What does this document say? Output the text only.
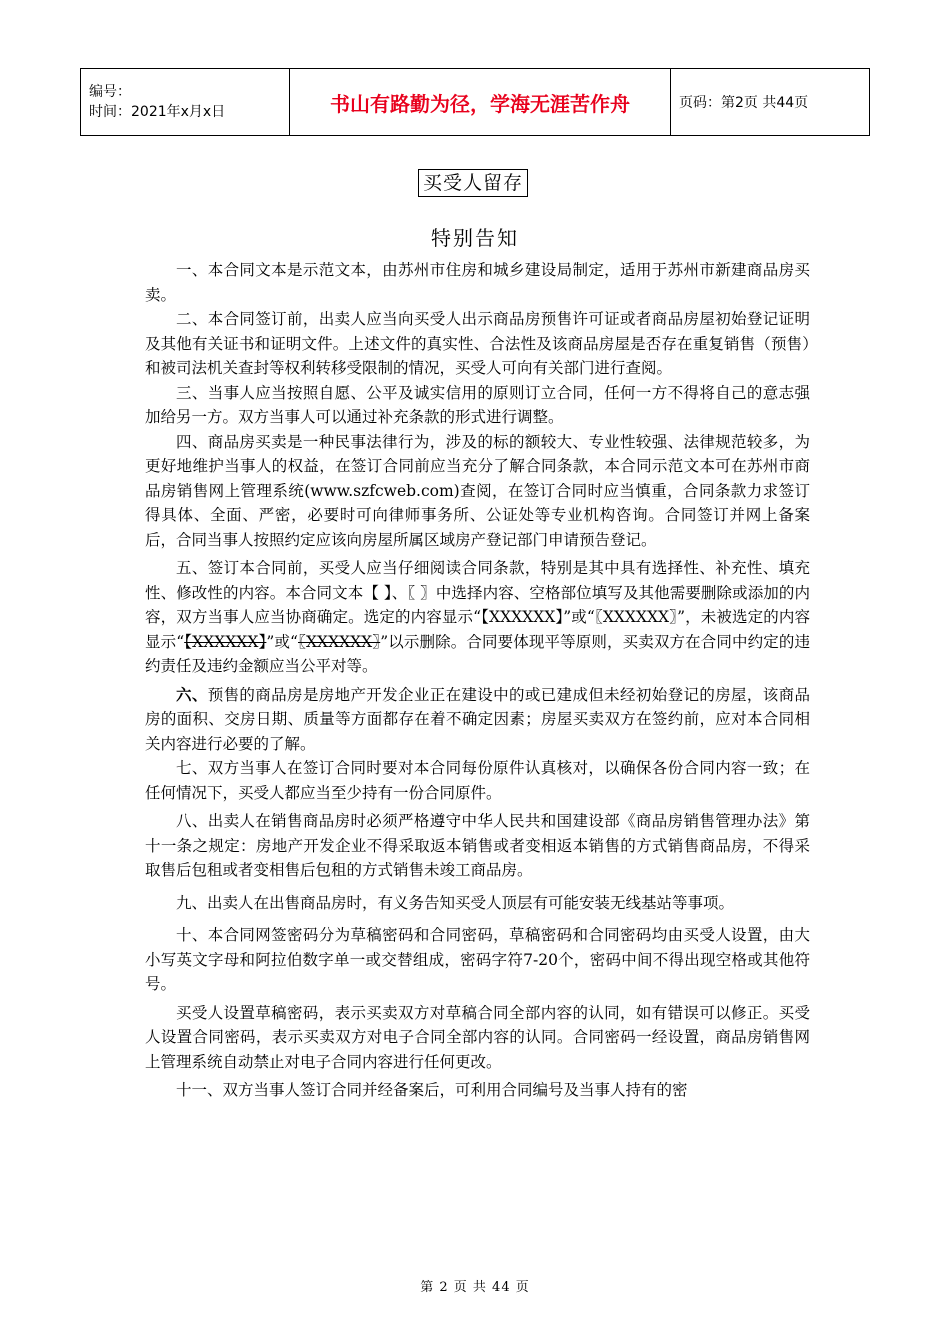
编号：
时间：2021年x月x日	书山有路勤为径，学海无涯苦作舟	页码：第2页 共44页
买受人留存
特别告知

一、本合同文本是示范文本，由苏州市住房和城乡建设局制定，适用于苏州市新建商品房买卖。

二、本合同签订前，出卖人应当向买受人出示商品房预售许可证或者商品房屋初始登记证明及其他有关证书和证明文件。上述文件的真实性、合法性及该商品房屋是否存在重复销售（预售）和被司法机关查封等权利转移受限制的情况，买受人可向有关部门进行查阅。

三、当事人应当按照自愿、公平及诚实信用的原则订立合同，任何一方不得将自己的意志强加给另一方。双方当事人可以通过补充条款的形式进行调整。

四、商品房买卖是一种民事法律行为，涉及的标的额较大、专业性较强、法律规范较多，为更好地维护当事人的权益，在签订合同前应当充分了解合同条款，本合同示范文本可在苏州市商品房销售网上管理系统(www.szfcweb.com)查阅，在签订合同时应当慎重，合同条款力求签订得具体、全面、严密，必要时可向律师事务所、公证处等专业机构咨询。合同签订并网上备案后，合同当事人按照约定应该向房屋所属区域房产登记部门申请预告登记。

五、签订本合同前，买受人应当仔细阅读合同条款，特别是其中具有选择性、补充性、填充性、修改性的内容。本合同文本【 】、〖 〗中选择内容、空格部位填写及其他需要删除或添加的内容，双方当事人应当协商确定。选定的内容显示“【XXXXXX】”或“〖XXXXXX〗”，未被选定的内容显示“【XXXXXX】”或“〖XXXXXX〗”以示删除。合同要体现平等原则，买卖双方在合同中约定的违约责任及违约金额应当公平对等。

六、预售的商品房是房地产开发企业正在建设中的或已建成但未经初始登记的房屋，该商品房的面积、交房日期、质量等方面都存在着不确定因素；房屋买卖双方在签约前，应对本合同相关内容进行必要的了解。

七、双方当事人在签订合同时要对本合同每份原件认真核对，以确保各份合同内容一致；在任何情况下，买受人都应当至少持有一份合同原件。

八、出卖人在销售商品房时必须严格遵守中华人民共和国建设部《商品房销售管理办法》第十一条之规定：房地产开发企业不得采取返本销售或者变相返本销售的方式销售商品房，不得采取售后包租或者变相售后包租的方式销售未竣工商品房。

九、出卖人在出售商品房时，有义务告知买受人顶层有可能安装无线基站等事项。

十、本合同网签密码分为草稿密码和合同密码，草稿密码和合同密码均由买受人设置，由大小写英文字母和阿拉伯数字单一或交替组成，密码字符7-20个，密码中间不得出现空格或其他符号。

买受人设置草稿密码，表示买卖双方对草稿合同全部内容的认同，如有错误可以修正。买受人设置合同密码，表示买卖双方对电子合同全部内容的认同。合同密码一经设置，商品房销售网上管理系统自动禁止对电子合同内容进行任何更改。

十一、双方当事人签订合同并经备案后，可利用合同编号及当事人持有的密

第 2 页 共 44 页
